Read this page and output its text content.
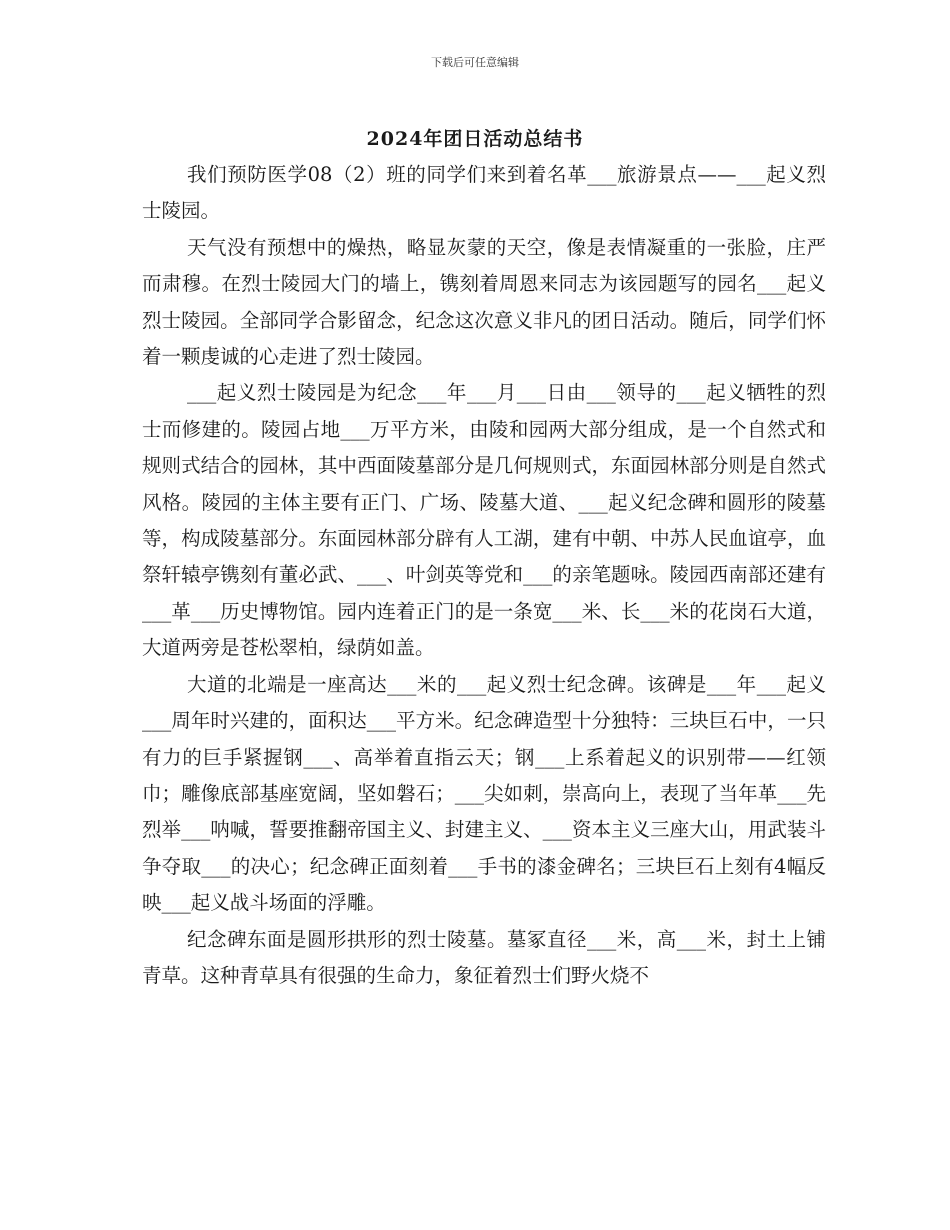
下载后可任意编辑
2024年团日活动总结书

我们预防医学08（2）班的同学们来到着名革___旅游景点——___起义烈士陵园。

天气没有预想中的燥热，略显灰蒙的天空，像是表情凝重的一张脸，庄严而肃穆。在烈士陵园大门的墙上，镌刻着周恩来同志为该园题写的园名___起义烈士陵园。全部同学合影留念，纪念这次意义非凡的团日活动。随后，同学们怀着一颗虔诚的心走进了烈士陵园。

___起义烈士陵园是为纪念___年___月___日由___领导的___起义牺牲的烈士而修建的。陵园占地___万平方米，由陵和园两大部分组成，是一个自然式和规则式结合的园林，其中西面陵墓部分是几何规则式，东面园林部分则是自然式风格。陵园的主体主要有正门、广场、陵墓大道、___起义纪念碑和圆形的陵墓等，构成陵墓部分。东面园林部分辟有人工湖，建有中朝、中苏人民血谊亭，血祭轩辕亭镌刻有董必武、___、叶剑英等党和___的亲笔题咏。陵园西南部还建有___革___历史博物馆。园内连着正门的是一条宽___米、长___米的花岗石大道，大道两旁是苍松翠柏，绿荫如盖。

大道的北端是一座高达___米的___起义烈士纪念碑。该碑是___年___起义___周年时兴建的，面积达___平方米。纪念碑造型十分独特：三块巨石中，一只有力的巨手紧握钢___、高举着直指云天；钢___上系着起义的识别带——红领巾；雕像底部基座宽阔，坚如磐石；___尖如刺，崇高向上，表现了当年革___先烈举___呐喊，誓要推翻帝国主义、封建主义、___资本主义三座大山，用武装斗争夺取___的决心；纪念碑正面刻着___手书的漆金碑名；三块巨石上刻有4幅反映___起义战斗场面的浮雕。

纪念碑东面是圆形拱形的烈士陵墓。墓冢直径___米，高___米，封土上铺青草。这种青草具有很强的生命力，象征着烈士们野火烧不
